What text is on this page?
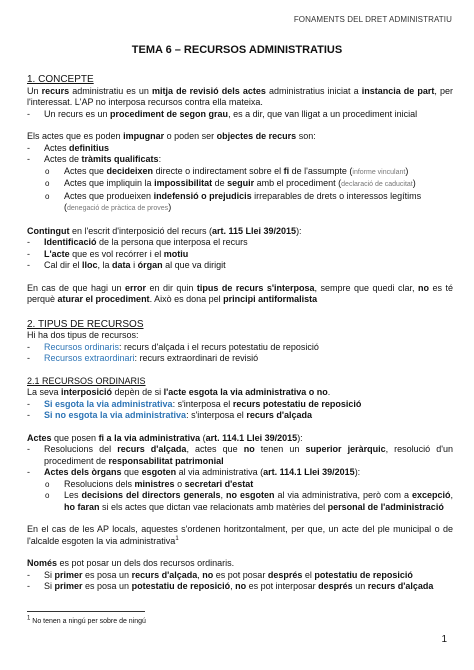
FONAMENTS DEL DRET ADMINISTRATIU
TEMA 6 – RECURSOS ADMINISTRATIUS

1. CONCEPTE

Un recurs administratiu es un mitja de revisió dels actes administratius iniciat a instancia de part, per l'interessat. L'AP no interposa recursos contra ella mateixa.

- Un recurs es un procediment de segon grau, es a dir, que van lligat a un procediment inicial

Els actes que es poden impugnar o poden ser objectes de recurs son:

- Actes definitius
- Actes de tràmits qualificats:
o Actes que decideixen directe o indirectament sobre el fi de l'assumpte (informe vinculant)
o Actes que impliquin la impossibilitat de seguir amb el procediment (declaració de caducitat)
o Actes que produeixen indefensió o prejudicis irreparables de drets o interessos legítims
(denegació de pràctica de proves)

Contingut en l'escrit d'interposició del recurs (art. 115 Llei 39/2015):

- Identificació de la persona que interposa el recurs
- L'acte que es vol recórrer i el motiu
- Cal dir el lloc, la data i órgan al que va dirigit

En cas de que hagi un error en dir quin tipus de recurs s'interposa, sempre que quedi clar, no es té perquè aturar el procediment. Això es dona pel principi antiformalista

2. TIPUS DE RECURSOS

Hi ha dos tipus de recursos:

- Recursos ordinaris: recurs d'alçada i el recurs potestatiu de reposició
- Recursos extraordinari: recurs extraordinari de revisió

2.1 RECURSOS ORDINARIS

La seva interposició depèn de si l'acte esgota la via administrativa o no.

- Si esgota la via administrativa: s'interposa el recurs potestatiu de reposició
- Si no esgota la via administrativa: s'interposa el recurs d'alçada

Actes que posen fi a la via administrativa (art. 114.1 Llei 39/2015):

- Resolucions del recurs d'alçada, actes que no tenen un superior jeràrquic, resolució d'un procediment de responsabilitat patrimonial
- Actes dels òrgans que esgoten al via administrativa (art. 114.1 Llei 39/2015):
o Resolucions dels ministres o secretari d'estat
o Les decisions del directors generals, no esgoten al via administrativa, però com a excepció, ho faran si els actes que dictan vae relacionats amb matèries del personal de l'administració

En el cas de les AP locals, aquestes s'ordenen horitzontalment, per que, un acte del ple municipal o de l'alcalde esgoten la via administrativa$^1$

Només es pot posar un dels dos recursos ordinaris.

- Si primer es posa un recurs d'alçada, no es pot posar després el potestatiu de reposició
- Si primer es posa un potestatiu de reposició, no es pot interposar després un recurs d'alçada
$^1$ No tenen a ningú per sobre de ningú
1
